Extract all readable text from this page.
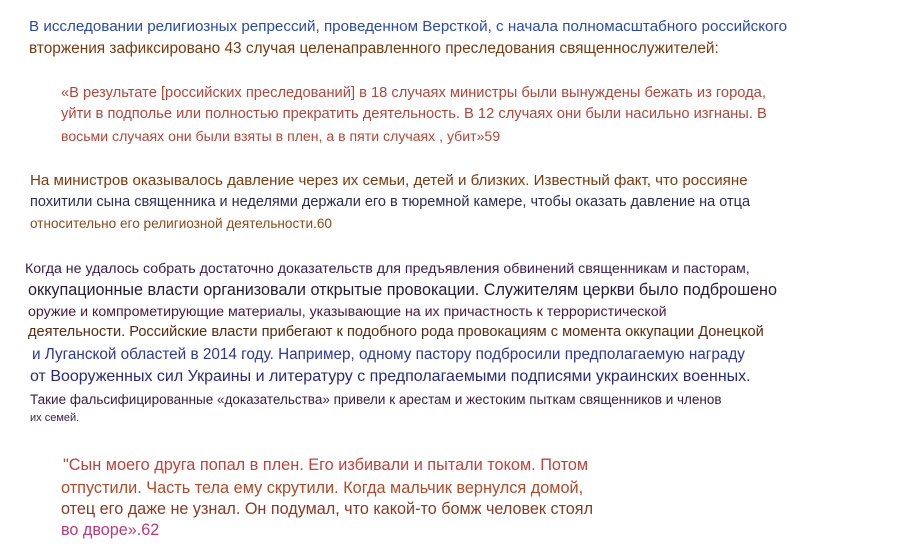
В исследовании религиозных репрессий, проведенном Версткой, с начала полномасштабного российского

вторжения зафиксировано 43 случая целенаправленного преследования священнослужителей:

«В результате [российских преследований] в 18 случаях министры были вынуждены бежать из города,

уйти в подполье или полностью прекратить деятельность. В 12 случаях они были насильно изгнаны. В

восьми случаях они были взяты в плен, а в пяти случаях , убит»59

На министров оказывалось давление через их семьи, детей и близких. Известный факт, что россияне

похитили сына священника и неделями держали его в тюремной камере, чтобы оказать давление на отца

относительно его религиозной деятельности.60

Когда не удалось собрать достаточно доказательств для предъявления обвинений священникам и пасторам,

оккупационные власти организовали открытые провокации. Служителям церкви было подброшено

оружие и компрометирующие материалы, указывающие на их причастность к террористической

деятельности. Российские власти прибегают к подобного рода провокациям с момента оккупации Донецкой

и Луганской областей в 2014 году. Например, одному пастору подбросили предполагаемую награду

от Вооруженных сил Украины и литературу с предполагаемыми подписями украинских военных.

Такие фальсифицированные «доказательства» привели к арестам и жестоким пыткам священников и членов

их семей.

"Сын моего друга попал в плен. Его избивали и пытали током. Потом

отпустили. Часть тела ему скрутили. Когда мальчик вернулся домой,

отец его даже не узнал. Он подумал, что какой-то бомж человек стоял

во дворе».62
